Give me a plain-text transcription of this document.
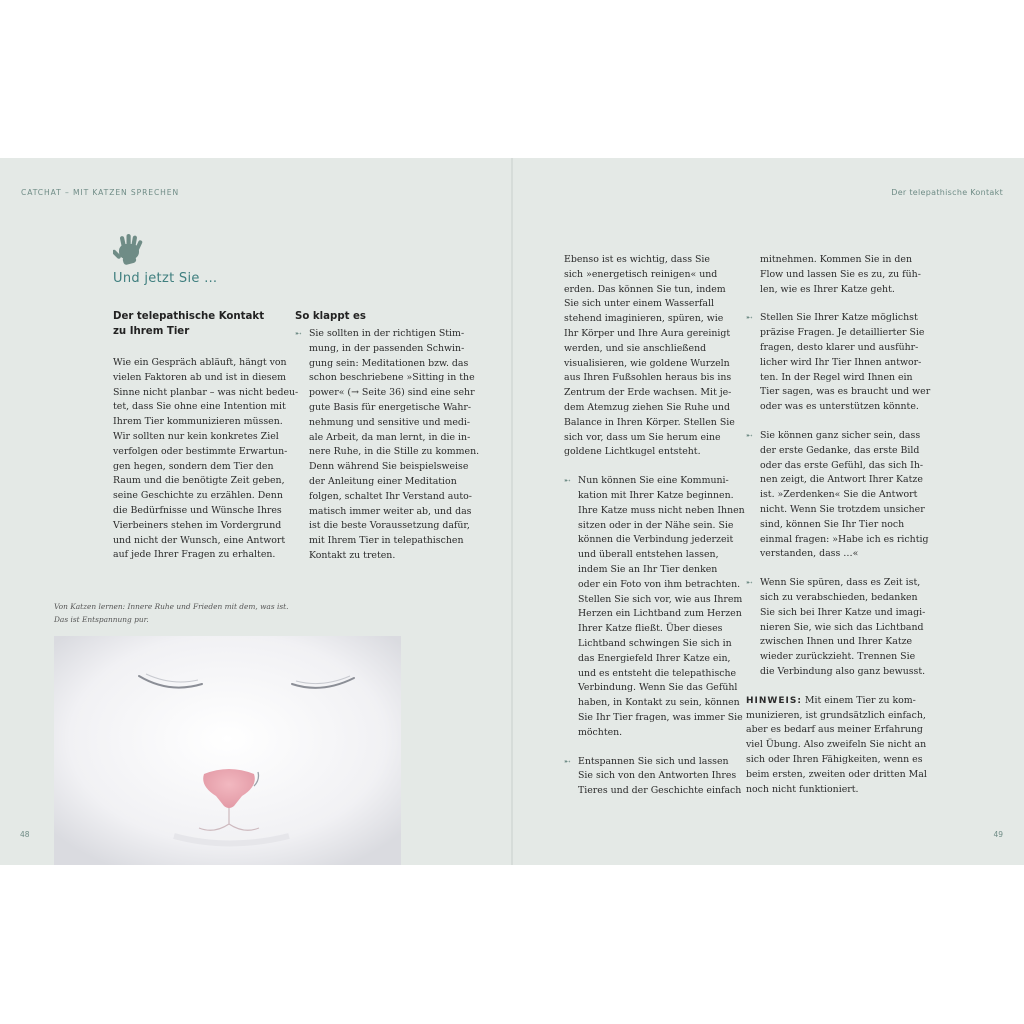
CATCHAT – MIT KATZEN SPRECHEN
Und jetzt Sie …
Der telepathische Kontakt
zu Ihrem Tier
Wie ein Gespräch abläuft, hängt von
vielen Faktoren ab und ist in diesem
Sinne nicht planbar – was nicht bedeu-
tet, dass Sie ohne eine Intention mit
Ihrem Tier kommunizieren müssen.
Wir sollten nur kein konkretes Ziel
verfolgen oder bestimmte Erwartun-
gen hegen, sondern dem Tier den
Raum und die benötigte Zeit geben,
seine Geschichte zu erzählen. Denn
die Bedürfnisse und Wünsche Ihres
Vierbeiners stehen im Vordergrund
und nicht der Wunsch, eine Antwort
auf jede Ihrer Fragen zu erhalten.
So klappt es
➸ Sie sollten in der richtigen Stim-
mung, in der passenden Schwin-
gung sein: Meditationen bzw. das
schon beschriebene »Sitting in the
power« (→ Seite 36) sind eine sehr
gute Basis für energetische Wahr-
nehmung und sensitive und medi-
ale Arbeit, da man lernt, in die in-
nere Ruhe, in die Stille zu kommen.
Denn während Sie beispielsweise
der Anleitung einer Meditation
folgen, schaltet Ihr Verstand auto-
matisch immer weiter ab, und das
ist die beste Voraussetzung dafür,
mit Ihrem Tier in telepathischen
Kontakt zu treten.
Von Katzen lernen: Innere Ruhe und Frieden mit dem, was ist.
Das ist Entspannung pur.
48
Der telepathische Kontakt
Ebenso ist es wichtig, dass Sie
sich »energetisch reinigen« und
erden. Das können Sie tun, indem
Sie sich unter einem Wasserfall
stehend imaginieren, spüren, wie
Ihr Körper und Ihre Aura gereinigt
werden, und sie anschließend
visualisieren, wie goldene Wurzeln
aus Ihren Fußsohlen heraus bis ins
Zentrum der Erde wachsen. Mit je-
dem Atemzug ziehen Sie Ruhe und
Balance in Ihren Körper. Stellen Sie
sich vor, dass um Sie herum eine
goldene Lichtkugel entsteht.
➸ Nun können Sie eine Kommuni-
kation mit Ihrer Katze beginnen.
Ihre Katze muss nicht neben Ihnen
sitzen oder in der Nähe sein. Sie
können die Verbindung jederzeit
und überall entstehen lassen,
indem Sie an Ihr Tier denken
oder ein Foto von ihm betrachten.
Stellen Sie sich vor, wie aus Ihrem
Herzen ein Lichtband zum Herzen
Ihrer Katze fließt. Über dieses
Lichtband schwingen Sie sich in
das Energiefeld Ihrer Katze ein,
und es entsteht die telepathische
Verbindung. Wenn Sie das Gefühl
haben, in Kontakt zu sein, können
Sie Ihr Tier fragen, was immer Sie
möchten.
➸ Entspannen Sie sich und lassen
Sie sich von den Antworten Ihres
Tieres und der Geschichte einfach
mitnehmen. Kommen Sie in den
Flow und lassen Sie es zu, zu füh-
len, wie es Ihrer Katze geht.
➸ Stellen Sie Ihrer Katze möglichst
präzise Fragen. Je detaillierter Sie
fragen, desto klarer und ausführ-
licher wird Ihr Tier Ihnen antwor-
ten. In der Regel wird Ihnen ein
Tier sagen, was es braucht und wer
oder was es unterstützen könnte.
➸ Sie können ganz sicher sein, dass
der erste Gedanke, das erste Bild
oder das erste Gefühl, das sich Ih-
nen zeigt, die Antwort Ihrer Katze
ist. »Zerdenken« Sie die Antwort
nicht. Wenn Sie trotzdem unsicher
sind, können Sie Ihr Tier noch
einmal fragen: »Habe ich es richtig
verstanden, dass …«
➸ Wenn Sie spüren, dass es Zeit ist,
sich zu verabschieden, bedanken
Sie sich bei Ihrer Katze und imagi-
nieren Sie, wie sich das Lichtband
zwischen Ihnen und Ihrer Katze
wieder zurückzieht. Trennen Sie
die Verbindung also ganz bewusst.
HINWEIS: Mit einem Tier zu kom-
munizieren, ist grundsätzlich einfach,
aber es bedarf aus meiner Erfahrung
viel Übung. Also zweifeln Sie nicht an
sich oder Ihren Fähigkeiten, wenn es
beim ersten, zweiten oder dritten Mal
noch nicht funktioniert.
49
